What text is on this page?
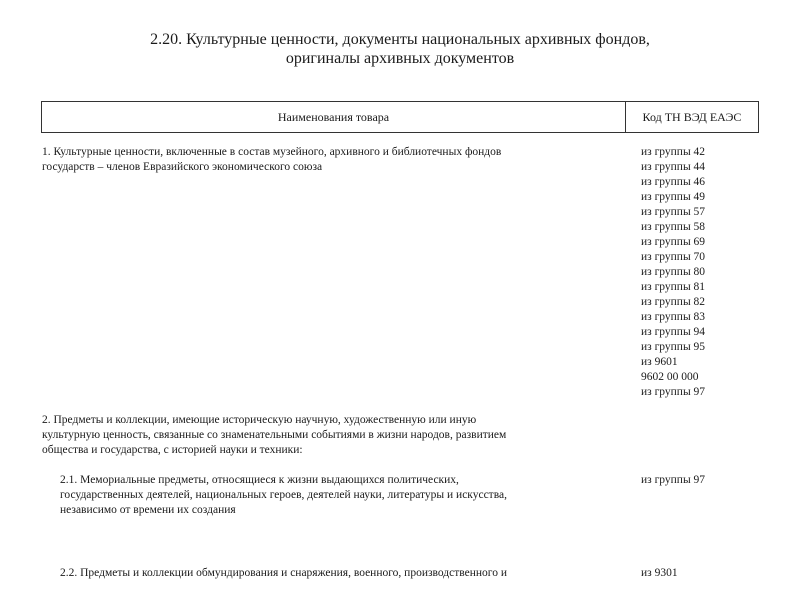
2.20. Культурные ценности, документы национальных архивных фондов,
оригиналы архивных документов
Наименования товара	Код ТН ВЭД ЕАЭС
1. Культурные ценности, включенные в состав музейного, архивного и библиотечных фондов
государств – членов Евразийского экономического союза
из группы 42
из группы 44
из группы 46
из группы 49
из группы 57
из группы 58
из группы 69
из группы 70
из группы 80
из группы 81
из группы 82
из группы 83
из группы 94
из группы 95
из 9601
9602 00 000
из группы 97
2. Предметы и коллекции, имеющие историческую научную, художественную или иную
культурную ценность, связанные со знаменательными событиями в жизни народов, развитием
общества и государства, с историей науки и техники:
2.1. Мемориальные предметы, относящиеся к жизни выдающихся политических,
государственных деятелей, национальных героев, деятелей науки, литературы и искусства,
независимо от времени их создания
из группы 97
2.2. Предметы и коллекции обмундирования и снаряжения, военного, производственного и	из 9301
